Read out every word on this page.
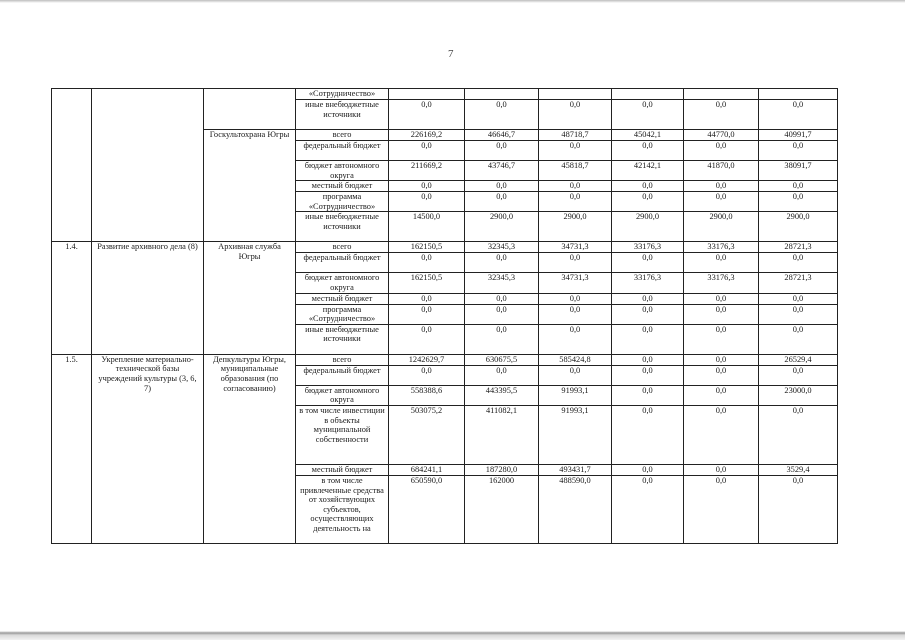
7
			«Сотрудничество»						
			иные внебюджетные источники	0,0	0,0	0,0	0,0	0,0	0,0
		Госкультохрана Югры	всего	226169,2	46646,7	48718,7	45042,1	44770,0	40991,7
			федеральный бюджет	0,0	0,0	0,0	0,0	0,0	0,0
			бюджет автономного округа	211669,2	43746,7	45818,7	42142,1	41870,0	38091,7
			местный бюджет	0,0	0,0	0,0	0,0	0,0	0,0
			программа «Сотрудничество»	0,0	0,0	0,0	0,0	0,0	0,0
			иные внебюджетные источники	14500,0	2900,0	2900,0	2900,0	2900,0	2900,0
1.4.	Развитие архивного дела (8)	Архивная служба Югры	всего	162150,5	32345,3	34731,3	33176,3	33176,3	28721,3
			федеральный бюджет	0,0	0,0	0,0	0,0	0,0	0,0
			бюджет автономного округа	162150,5	32345,3	34731,3	33176,3	33176,3	28721,3
			местный бюджет	0,0	0,0	0,0	0,0	0,0	0,0
			программа «Сотрудничество»	0,0	0,0	0,0	0,0	0,0	0,0
			иные внебюджетные источники	0,0	0,0	0,0	0,0	0,0	0,0
1.5.	Укрепление материально-технической базы учреждений культуры (3, 6, 7)	Депкультуры Югры, муниципальные образования (по согласованию)	всего	1242629,7	630675,5	585424,8	0,0	0,0	26529,4
			федеральный бюджет	0,0	0,0	0,0	0,0	0,0	0,0
			бюджет автономного округа	558388,6	443395,5	91993,1	0,0	0,0	23000,0
			в том числе инвестиции в объекты муниципальной собственности	503075,2	411082,1	91993,1	0,0	0,0	0,0
			местный бюджет	684241,1	187280,0	493431,7	0,0	0,0	3529,4
			в том числе привлеченные средства от хозяйствующих субъектов, осуществляющих деятельность на	650590,0	162000	488590,0	0,0	0,0	0,0
